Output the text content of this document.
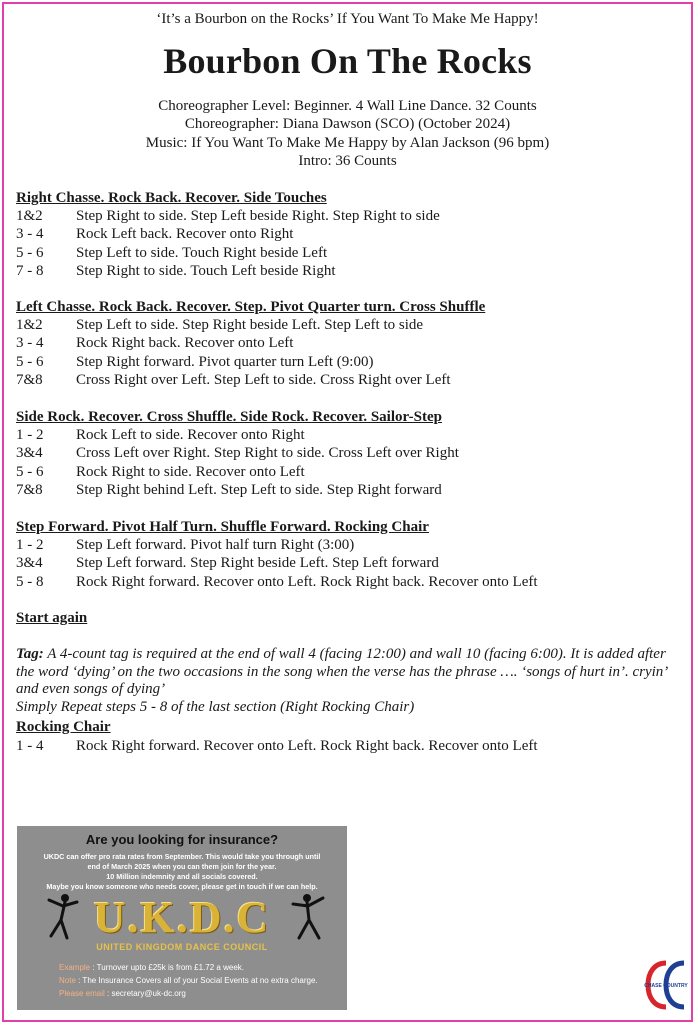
‘It’s a Bourbon on the Rocks’ If You Want To Make Me Happy!
Bourbon On The Rocks
Choreographer Level: Beginner. 4 Wall Line Dance. 32 Counts
Choreographer: Diana Dawson (SCO) (October 2024)
Music: If You Want To Make Me Happy by Alan Jackson (96 bpm)
Intro: 36 Counts
Right Chasse. Rock Back. Recover. Side Touches
1&2	Step Right to side. Step Left beside Right. Step Right to side
3 - 4	Rock Left back. Recover onto Right
5 - 6	Step Left to side. Touch Right beside Left
7 - 8	Step Right to side. Touch Left beside Right
Left Chasse. Rock Back. Recover. Step. Pivot Quarter turn. Cross Shuffle
1&2	Step Left to side. Step Right beside Left. Step Left to side
3 - 4	Rock Right back. Recover onto Left
5 - 6	Step Right forward. Pivot quarter turn Left (9:00)
7&8	Cross Right over Left. Step Left to side. Cross Right over Left
Side Rock. Recover. Cross Shuffle. Side Rock. Recover. Sailor-Step
1 - 2	Rock Left to side. Recover onto Right
3&4	Cross Left over Right. Step Right to side. Cross Left over Right
5 - 6	Rock Right to side. Recover onto Left
7&8	Step Right behind Left. Step Left to side. Step Right forward
Step Forward. Pivot Half Turn. Shuffle Forward. Rocking Chair
1 - 2	Step Left forward. Pivot half turn Right (3:00)
3&4	Step Left forward. Step Right beside Left. Step Left forward
5 - 8	Rock Right forward. Recover onto Left. Rock Right back. Recover onto Left
Start again
Tag: A 4-count tag is required at the end of wall 4 (facing 12:00) and wall 10 (facing 6:00). It is added after the word ‘dying’ on the two occasions in the song when the verse has the phrase …. ‘songs of hurt in’. cryin’ and even songs of dying’
Simply Repeat steps 5 - 8 of the last section (Right Rocking Chair)
Rocking Chair
1 - 4	Rock Right forward. Recover onto Left. Rock Right back. Recover onto Left
Are you looking for insurance?
UKDC can offer pro rata rates from September. This would take you through until
end of March 2025 when you can them join for the year.
10 Million indemnity and all socials covered.
Maybe you know someone who needs cover, please get in touch if we can help.
U.K.D.C
UNITED KINGDOM DANCE COUNCIL
Example : Turnover upto £25k is from £1.72 a week.
Note : The Insurance Covers all of your Social Events at no extra charge.
Please email : secretary@uk-dc.org
CHASE COUNTRY
